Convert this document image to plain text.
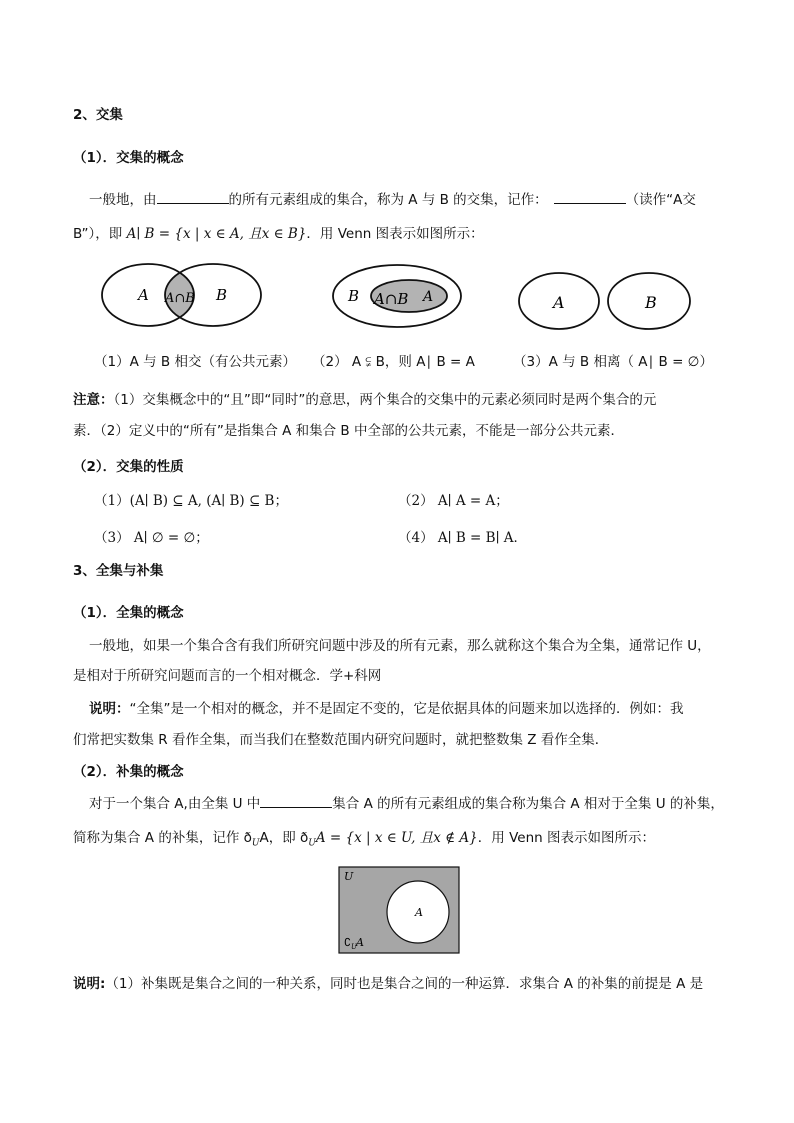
2、交集
（1）．交集的概念
一般地，由	的所有元素组成的集合，称为 A 与 B 的交集，记作：	（读作“A交
B”），即 A∣ B = {x | x ∈ A, 且x ∈ B}．用 Venn 图表示如图所示：
A A∩B B	B A∩B A	A	B
（1）A 与 B 相交（有公共元素） （2） A ⫋ B，则 A∣ B = A	（3）A 与 B 相离（ A∣ B = ∅）
注意：（1）交集概念中的“且”即“同时”的意思，两个集合的交集中的元素必须同时是两个集合的元
素．（2）定义中的“所有”是指集合 A 和集合 B 中全部的公共元素，不能是一部分公共元素．
（2）．交集的性质
（1）(A∣ B) ⊆ A, (A∣ B) ⊆ B；	（2） A∣ A = A；
（3） A∣ ∅ = ∅；	（4） A∣ B = B∣ A．
3、全集与补集
（1）．全集的概念
一般地，如果一个集合含有我们所研究问题中涉及的所有元素，那么就称这个集合为全集，通常记作 U，
是相对于所研究问题而言的一个相对概念．学+科网
说明：“全集”是一个相对的概念，并不是固定不变的，它是依据具体的问题来加以选择的．例如：我
们常把实数集 R 看作全集，而当我们在整数范围内研究问题时，就把整数集 Z 看作全集．
（2）．补集的概念
对于一个集合 A,由全集 U 中	集合 A 的所有元素组成的集合称为集合 A 相对于全集 U 的补集，
简称为集合 A 的补集，记作 $ð_UA$，即 $ð_UA = \{x$ | x ∈ U, 且x ∉ A}．用 Venn 图表示如图所示：
U
A
∁ U A
说明:（1）补集既是集合之间的一种关系，同时也是集合之间的一种运算．求集合 A 的补集的前提是 A 是
